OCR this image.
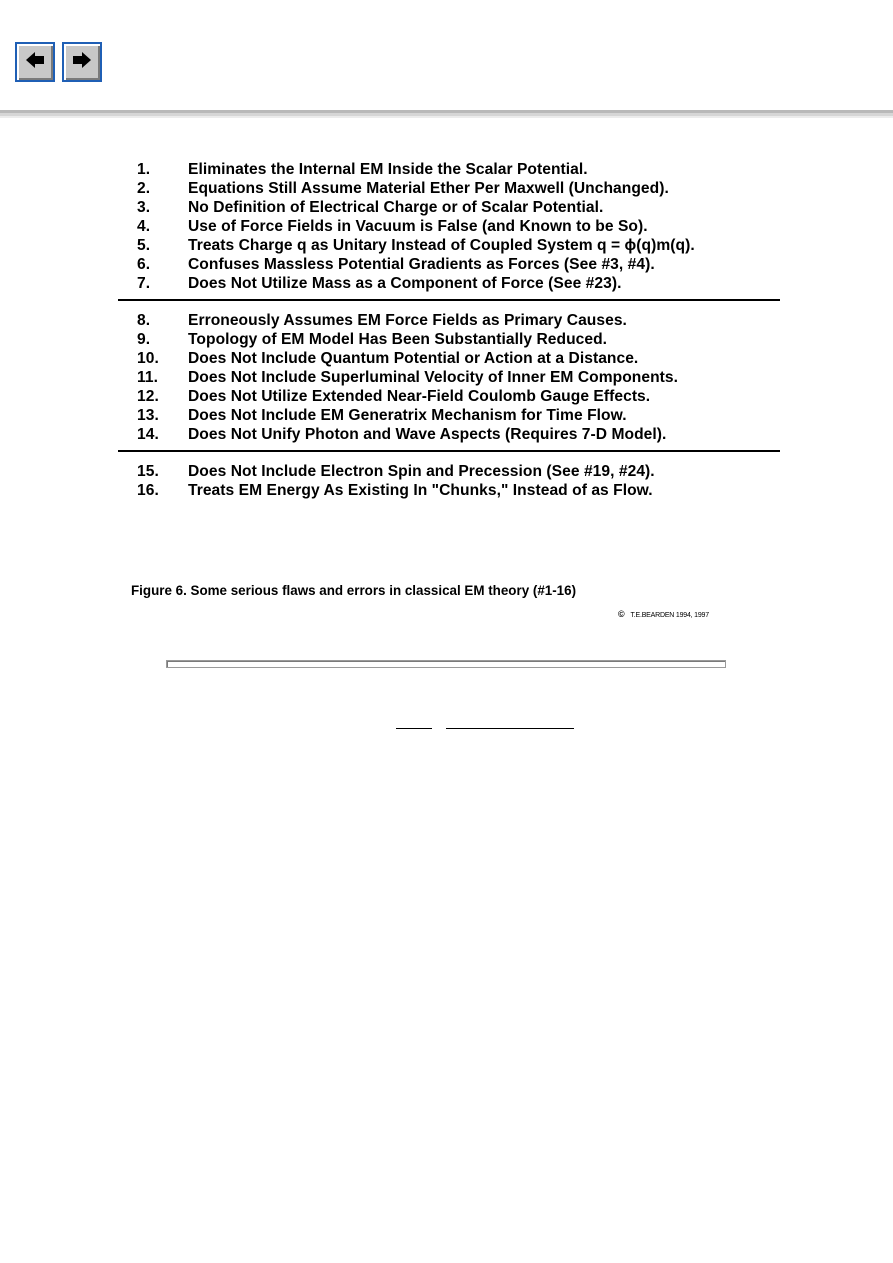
1.	Eliminates the Internal EM Inside the Scalar Potential.
2.	Equations Still Assume Material Ether Per Maxwell (Unchanged).
3.	No Definition of Electrical Charge or of Scalar Potential.
4.	Use of Force Fields in Vacuum is False (and Known to be So).
5.	Treats Charge q as Unitary Instead of Coupled System q = ϕ(q)m(q).
6.	Confuses Massless Potential Gradients as Forces (See #3, #4).
7.	Does Not Utilize Mass as a Component of Force (See #23).
8.	Erroneously Assumes EM Force Fields as Primary Causes.
9.	Topology of EM Model Has Been Substantially Reduced.
10. Does Not Include Quantum Potential or Action at a Distance.
11. Does Not Include Superluminal Velocity of Inner EM Components.
12. Does Not Utilize Extended Near-Field Coulomb Gauge Effects.
13. Does Not Include EM Generatrix Mechanism for Time Flow.
14. Does Not Unify Photon and Wave Aspects (Requires 7-D Model).
15. Does Not Include Electron Spin and Precession (See #19, #24).
16. Treats EM Energy As Existing In "Chunks," Instead of as Flow.
Figure 6. Some serious flaws and errors in classical EM theory (#1-16)
© T.E.BEARDEN 1994, 1997
